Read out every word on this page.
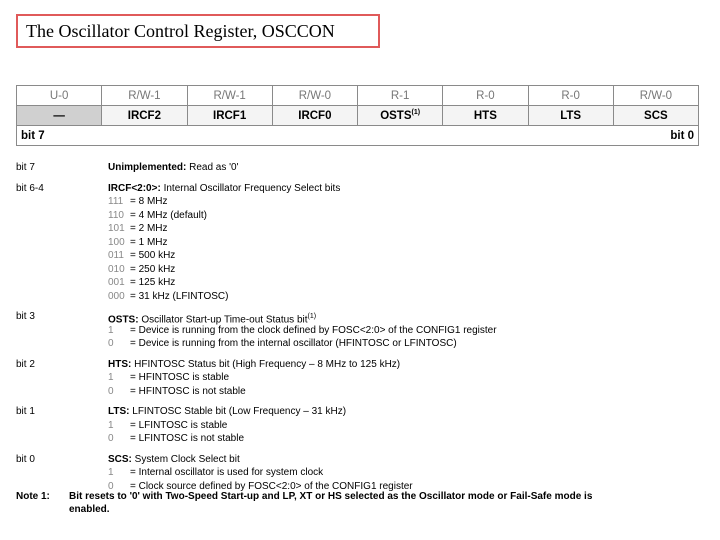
The Oscillator Control Register, OSCCON
U-0	R/W-1	R/W-1	R/W-0	R-1	R-0	R-0	R/W-0
—	IRCF2	IRCF1	IRCF0	OSTS$^{(1)}$	HTS	LTS	SCS
bit 7				bit 0			
bit 7	Unimplemented: Read as '0'
bit 6-4	IRCF<2:0>: Internal Oscillator Frequency Select bits
111 = 8 MHz
110 = 4 MHz (default)
101 = 2 MHz
100 = 1 MHz
011 = 500 kHz
010 = 250 kHz
001 = 125 kHz
000 = 31 kHz (LFINTOSC)
bit 3	OSTS: Oscillator Start-up Time-out Status bit$^{(1)}$
1 = Device is running from the clock defined by FOSC<2:0> of the CONFIG1 register
0 = Device is running from the internal oscillator (HFINTOSC or LFINTOSC)
bit 2	HTS: HFINTOSC Status bit (High Frequency – 8 MHz to 125 kHz)
1 = HFINTOSC is stable
0 = HFINTOSC is not stable
bit 1	LTS: LFINTOSC Stable bit (Low Frequency – 31 kHz)
1 = LFINTOSC is stable
0 = LFINTOSC is not stable
bit 0	SCS: System Clock Select bit
1 = Internal oscillator is used for system clock
0 = Clock source defined by FOSC<2:0> of the CONFIG1 register
Note 1: Bit resets to '0' with Two-Speed Start-up and LP, XT or HS selected as the Oscillator mode or Fail-Safe mode is enabled.
